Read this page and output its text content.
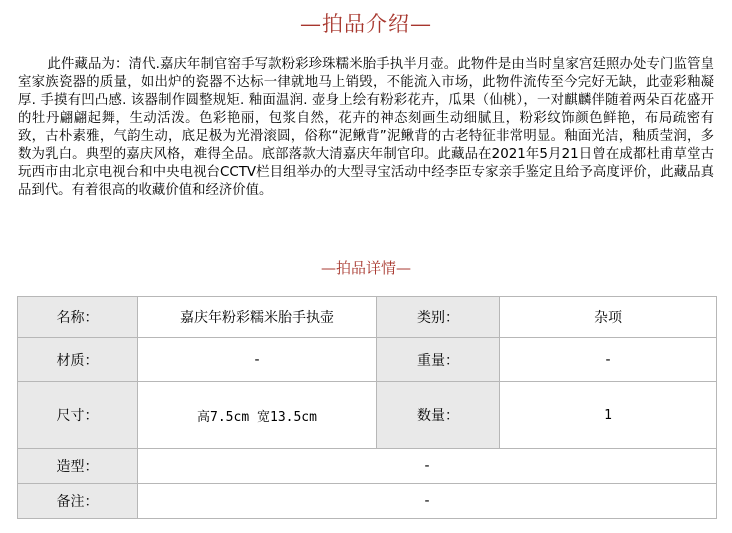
—拍品介绍—

此件藏品为：清代.嘉庆年制官窑手写款粉彩珍珠糯米胎手执半月壶。此物件是由当时皇家宫廷照办处专门监管皇室家族瓷器的质量，如出炉的瓷器不达标一律就地马上销毁，不能流入市场，此物件流传至今完好无缺，此壶彩釉凝厚. 手摸有凹凸感. 该器制作圆整规矩. 釉面温润. 壶身上绘有粉彩花卉，瓜果（仙桃），一对麒麟伴随着两朵百花盛开的牡丹翩翩起舞，生动活泼。色彩艳丽，包浆自然，花卉的神态刻画生动细腻且，粉彩纹饰颜色鲜艳，布局疏密有致，古朴素雅，气韵生动，底足极为光滑滚圆，俗称“泥鳅背”泥鳅背的古老特征非常明显。釉面光洁，釉质莹润，多数为乳白。典型的嘉庆风格，难得全品。底部落款大清嘉庆年制官印。此藏品在2021年5月21日曾在成都杜甫草堂古玩西市由北京电视台和中央电视台CCTV栏目组举办的大型寻宝活动中经李臣专家亲手鉴定且给予高度评价，此藏品真品到代。有着很高的收藏价值和经济价值。

—拍品详情—
名称：	嘉庆年粉彩糯米胎手执壶	类别：	杂项
材质：	-	重量：	-
尺寸：	高7.5cm 宽13.5cm	数量：	1
造型：	-		
备注：	-		
